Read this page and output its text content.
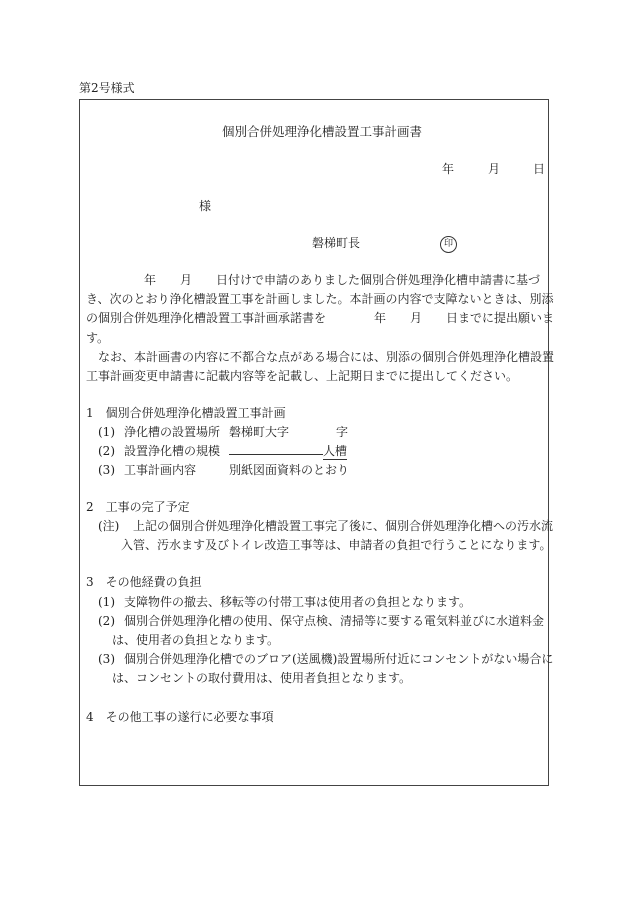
第2号様式
個別合併処理浄化槽設置工事計画書
年	月	日
様
磐梯町長	印
年　　月　　日付けで申請のありました個別合併処理浄化槽申請書に基づ
き、次のとおり浄化槽設置工事を計画しました。本計画の内容で支障ないときは、別添
の個別合併処理浄化槽設置工事計画承諾書を　　　　年　　月　　日までに提出願いま
す。
なお、本計画書の内容に不都合な点がある場合には、別添の個別合併処理浄化槽設置
工事計画変更申請書に記載内容等を記載し、上記期日までに提出してください。
1　個別合併処理浄化槽設置工事計画
(1) 浄化槽の設置場所 磐梯町大字	字
(2) 設置浄化槽の規模	人槽
(3) 工事計画内容	別紙図面資料のとおり
2　工事の完了予定
(注) 上記の個別合併処理浄化槽設置工事完了後に、個別合併処理浄化槽への汚水流
入管、汚水ます及びトイレ改造工事等は、申請者の負担で行うことになります。
3　その他経費の負担
(1) 支障物件の撤去、移転等の付帯工事は使用者の負担となります。
(2) 個別合併処理浄化槽の使用、保守点検、清掃等に要する電気料並びに水道料金
は、使用者の負担となります。
(3) 個別合併処理浄化槽でのブロア(送風機)設置場所付近にコンセントがない場合に
は、コンセントの取付費用は、使用者負担となります。
4　その他工事の遂行に必要な事項
